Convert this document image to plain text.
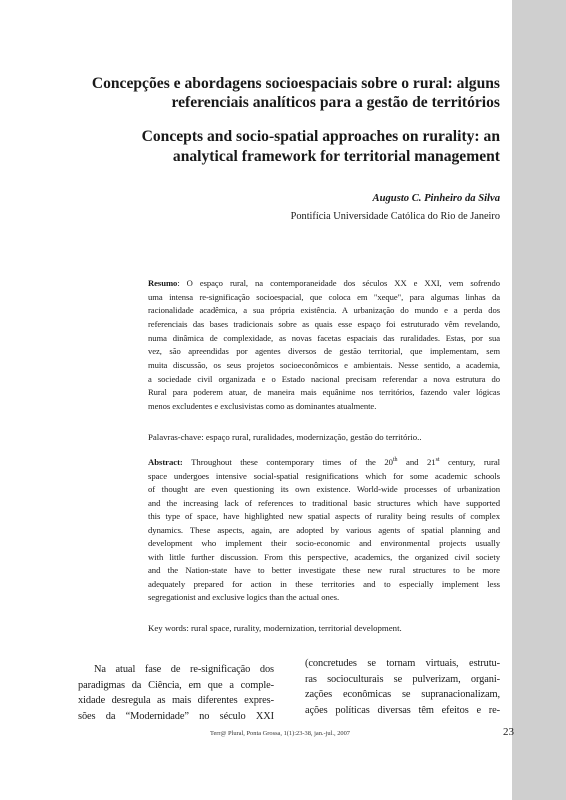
Concepções e abordagens socioespaciais sobre o rural: alguns
referenciais analíticos para a gestão de territórios
Concepts and socio-spatial approaches on rurality: an
analytical framework for territorial management
Augusto C. Pinheiro da Silva
Pontifícia Universidade Católica do Rio de Janeiro
Resumo: O espaço rural, na contemporaneidade dos séculos XX e XXI, vem sofrendo
uma intensa re-significação socioespacial, que coloca em "xeque", para algumas linhas da
racionalidade acadêmica, a sua própria existência. A urbanização do mundo e a perda dos
referenciais das bases tradicionais sobre as quais esse espaço foi estruturado vêm revelando,
numa dinâmica de complexidade, as novas facetas espaciais das ruralidades. Estas, por sua
vez, são apreendidas por agentes diversos de gestão territorial, que implementam, sem
muita discussão, os seus projetos socioeconômicos e ambientais. Nesse sentido, a academia,
a sociedade civil organizada e o Estado nacional precisam referendar a nova estrutura do
Rural para poderem atuar, de maneira mais equânime nos territórios, fazendo valer lógicas
menos excludentes e exclusivistas como as dominantes atualmente.
Palavras-chave: espaço rural, ruralidades, modernização, gestão do território..
Abstract: Throughout these contemporary times of the 20th and 21st century, rural
space undergoes intensive social-spatial resignifications which for some academic schools
of thought are even questioning its own existence. World-wide processes of urbanization
and the increasing lack of references to traditional basic structures which have supported
this type of space, have highlighted new spatial aspects of rurality being results of complex
dynamics. These aspects, again, are adopted by various agents of spatial planning and
development who implement their socio-economic and environmental projects usually
with little further discussion. From this perspective, academics, the organized civil society
and the Nation-state have to better investigate these new rural structures to be more
adequately prepared for action in these territories and to especially implement less
segregationist and exclusive logics than the actual ones.
Key words: rural space, rurality, modernization, territorial development.
Na atual fase de re-significação dos
paradigmas da Ciência, em que a comple-
xidade desregula as mais diferentes expres-
sões da “Modernidade” no século XXI
(concretudes se tornam virtuais, estrutu-
ras socioculturais se pulverizam, organi-
zações econômicas se supranacionalizam,
ações políticas diversas têm efeitos e re-
Terr@ Plural, Ponta Grossa, 1(1):23-38, jan.-jul., 2007	23
